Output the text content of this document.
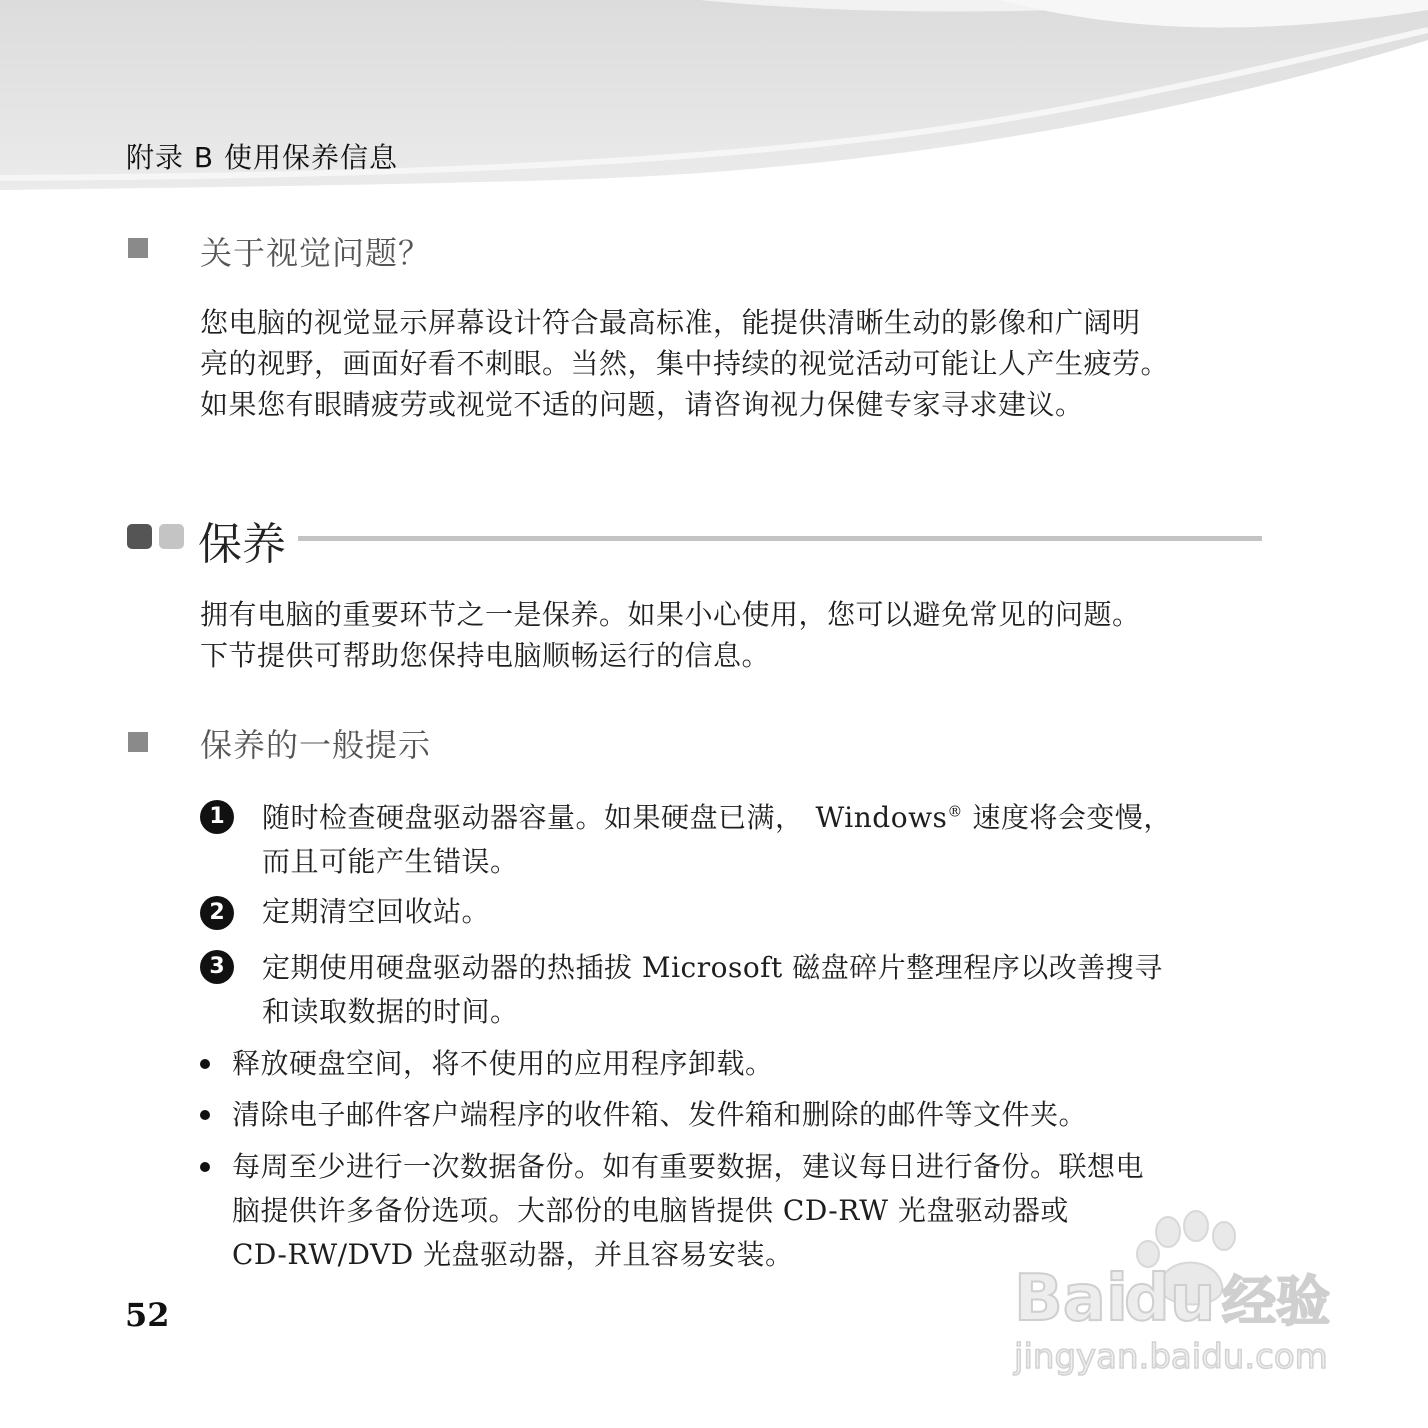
附录 B 使用保养信息
关于视觉问题？

您电脑的视觉显示屏幕设计符合最高标准，能提供清晰生动的影像和广阔明
亮的视野，画面好看不刺眼。当然，集中持续的视觉活动可能让人产生疲劳。
如果您有眼睛疲劳或视觉不适的问题，请咨询视力保健专家寻求建议。

保养

拥有电脑的重要环节之一是保养。如果小心使用，您可以避免常见的问题。
下节提供可帮助您保持电脑顺畅运行的信息。

保养的一般提示
1	随时检查硬盘驱动器容量。如果硬盘已满， Windows® 速度将会变慢，
而且可能产生错误。

2	定期清空回收站。

3	定期使用硬盘驱动器的热插拔 Microsoft 磁盘碎片整理程序以改善搜寻
和读取数据的时间。

释放硬盘空间，将不使用的应用程序卸载。

清除电子邮件客户端程序的收件箱、发件箱和删除的邮件等文件夹。

每周至少进行一次数据备份。如有重要数据，建议每日进行备份。联想电
脑提供许多备份选项。大部份的电脑皆提供 CD-RW 光盘驱动器或
CD-RW/DVD 光盘驱动器，并且容易安装。

52	Bai
du 经验
jingyan.baidu.com
